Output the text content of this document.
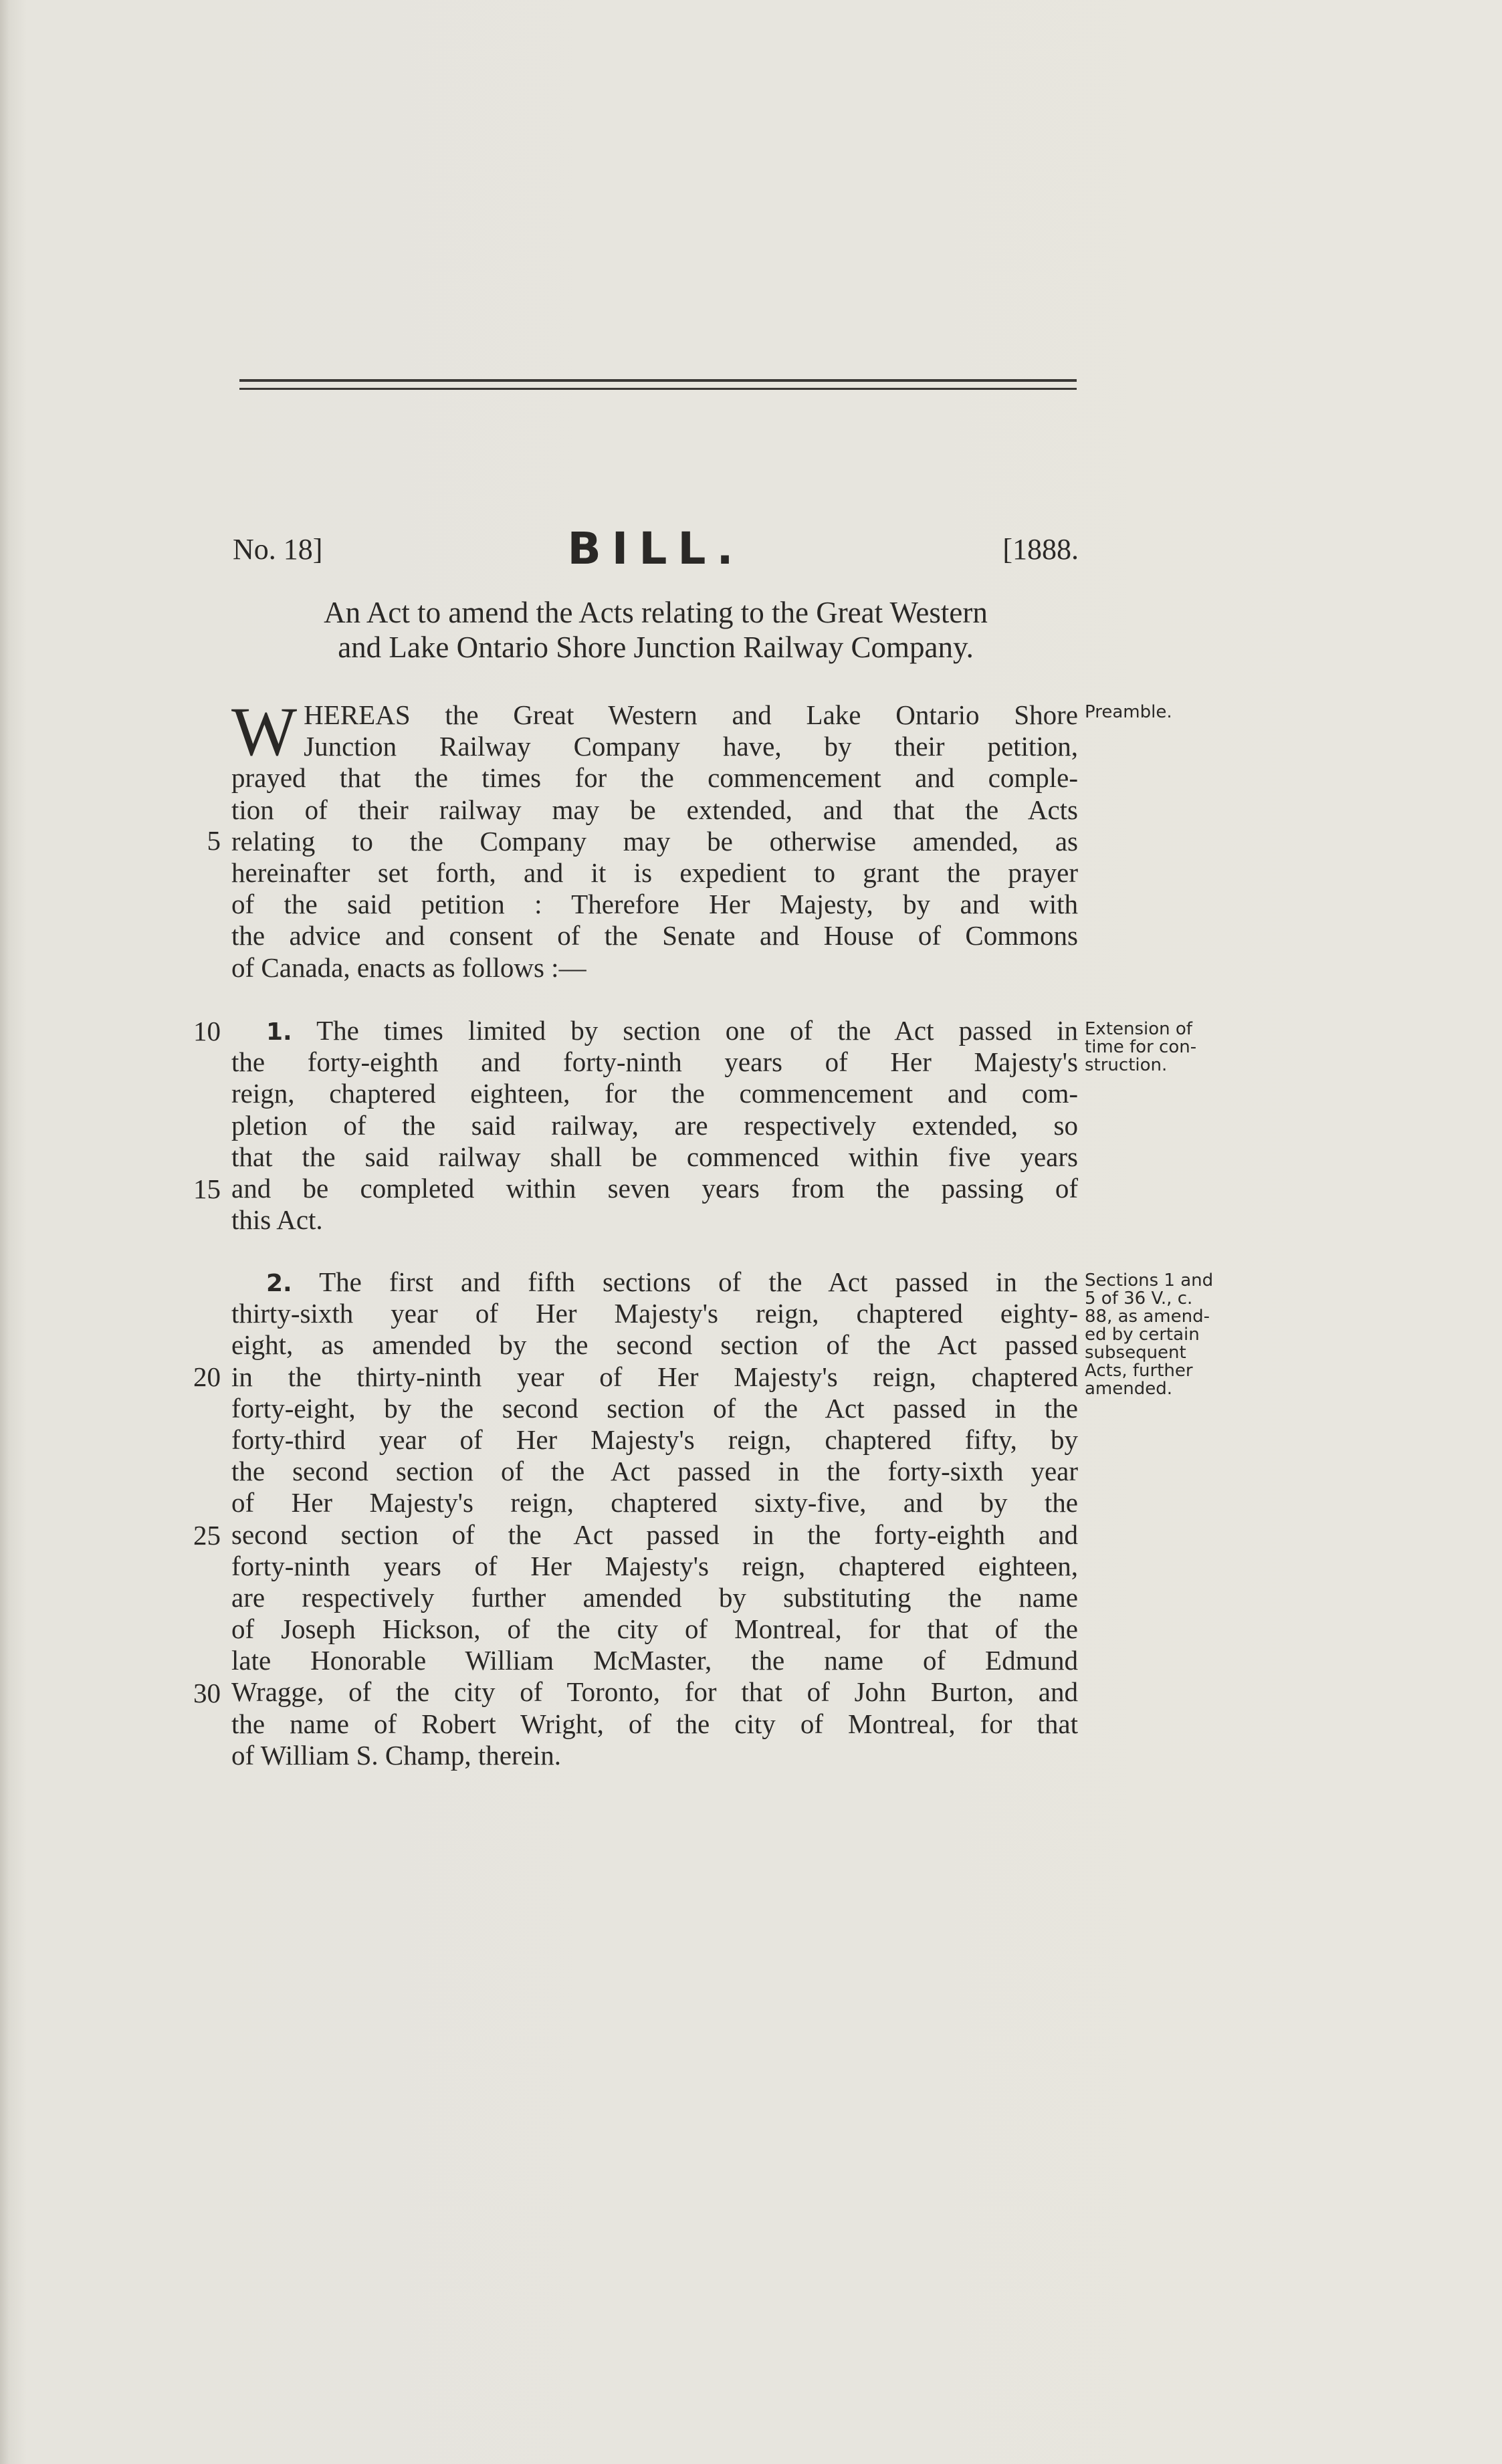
No. 18]	BILL.	[1888.
An Act to amend the Acts relating to the Great Western
and Lake Ontario Shore Junction Railway Company.
W HEREAS the Great Western and Lake Ontario Shore
Junction Railway Company have, by their petition,
prayed that the times for the commencement and comple-
tion of their railway may be extended, and that the Acts
relating to the Company may be otherwise amended, as
hereinafter set forth, and it is expedient to grant the prayer
of the said petition : Therefore Her Majesty, by and with
the advice and consent of the Senate and House of Commons
of Canada, enacts as follows :—
Preamble.
5
1. The times limited by section one of the Act passed in
the forty-eighth and forty-ninth years of Her Majesty's
reign, chaptered eighteen, for the commencement and com-
pletion of the said railway, are respectively extended, so
that the said railway shall be commenced within five years
and be completed within seven years from the passing of
this Act.
Extension of
time for con-
struction.
10
15
2. The first and fifth sections of the Act passed in the
thirty-sixth year of Her Majesty's reign, chaptered eighty-
eight, as amended by the second section of the Act passed
in the thirty-ninth year of Her Majesty's reign, chaptered
forty-eight, by the second section of the Act passed in the
forty-third year of Her Majesty's reign, chaptered fifty, by
the second section of the Act passed in the forty-sixth year
of Her Majesty's reign, chaptered sixty-five, and by the
second section of the Act passed in the forty-eighth and
forty-ninth years of Her Majesty's reign, chaptered eighteen,
are respectively further amended by substituting the name
of Joseph Hickson, of the city of Montreal, for that of the
late Honorable William McMaster, the name of Edmund
Wragge, of the city of Toronto, for that of John Burton, and
the name of Robert Wright, of the city of Montreal, for that
of William S. Champ, therein.
Sections 1 and
5 of 36 V., c.
88, as amend-
ed by certain
subsequent
Acts, further
amended.
20
25
30
